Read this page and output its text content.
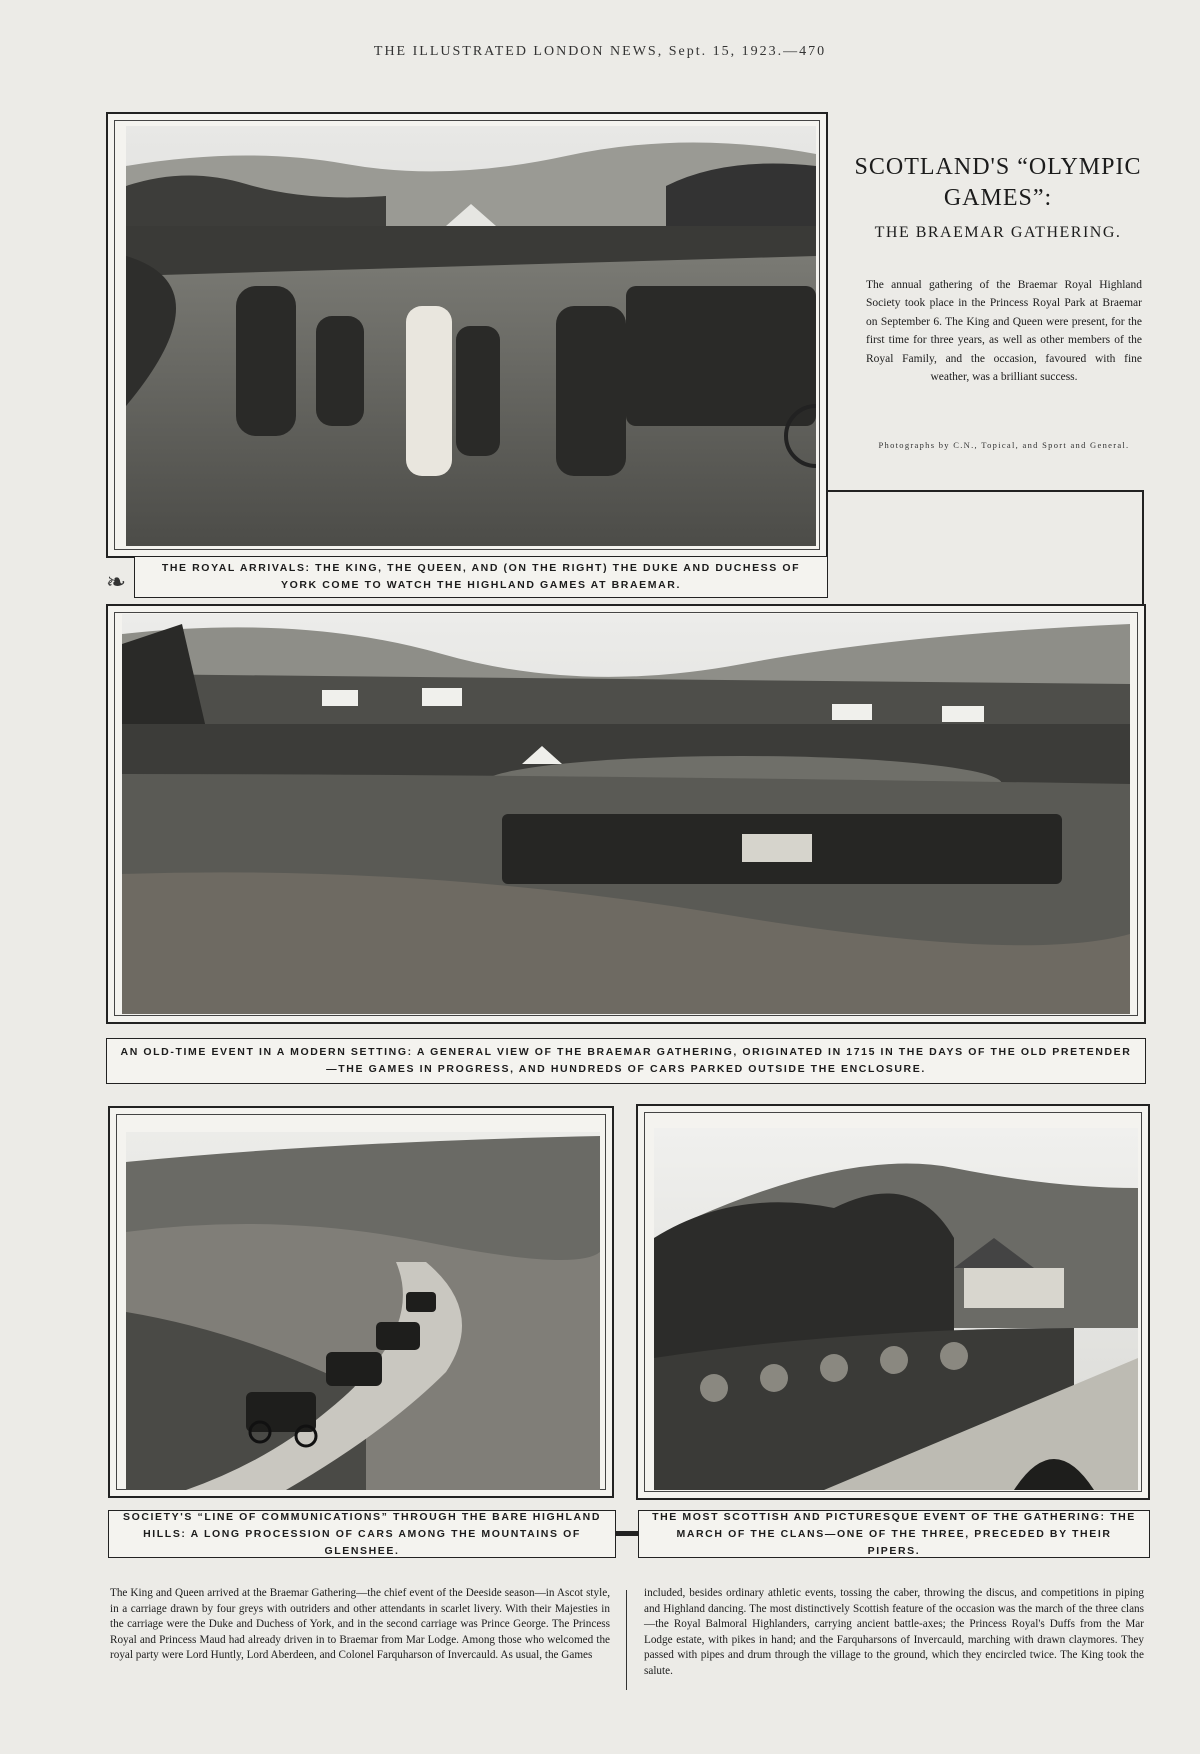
THE ILLUSTRATED LONDON NEWS, Sept. 15, 1923.—470
SCOTLAND'S “OLYMPIC GAMES”:
THE BRAEMAR GATHERING.
The annual gathering of the Braemar Royal Highland Society took place in the Princess Royal Park at Braemar on September 6. The King and Queen were present, for the first time for three years, as well as other members of the Royal Family, and the occasion, favoured with fine weather, was a brilliant success.
Photographs by C.N., Topical, and Sport and General.
THE ROYAL ARRIVALS: THE KING, THE QUEEN, AND (ON THE RIGHT) THE DUKE AND DUCHESS OF YORK COME TO WATCH THE HIGHLAND GAMES AT BRAEMAR.
❧
AN OLD-TIME EVENT IN A MODERN SETTING: A GENERAL VIEW OF THE BRAEMAR GATHERING, ORIGINATED IN 1715 IN THE DAYS OF THE OLD PRETENDER—THE GAMES IN PROGRESS, AND HUNDREDS OF CARS PARKED OUTSIDE THE ENCLOSURE.
SOCIETY'S “LINE OF COMMUNICATIONS” THROUGH THE BARE HIGHLAND HILLS: A LONG PROCESSION OF CARS AMONG THE MOUNTAINS OF GLENSHEE.
THE MOST SCOTTISH AND PICTURESQUE EVENT OF THE GATHERING: THE MARCH OF THE CLANS—ONE OF THE THREE, PRECEDED BY THEIR PIPERS.
The King and Queen arrived at the Braemar Gathering—the chief event of the Deeside season—in Ascot style, in a carriage drawn by four greys with outriders and other attendants in scarlet livery. With their Majesties in the carriage were the Duke and Duchess of York, and in the second carriage was Prince George. The Princess Royal and Princess Maud had already driven in to Braemar from Mar Lodge. Among those who welcomed the royal party were Lord Huntly, Lord Aberdeen, and Colonel Farquharson of Invercauld. As usual, the Games
included, besides ordinary athletic events, tossing the caber, throwing the discus, and competitions in piping and Highland dancing. The most distinctively Scottish feature of the occasion was the march of the three clans—the Royal Balmoral Highlanders, carrying ancient battle-axes; the Princess Royal's Duffs from the Mar Lodge estate, with pikes in hand; and the Farquharsons of Invercauld, marching with drawn claymores. They passed with pipes and drum through the village to the ground, which they encircled twice. The King took the salute.
